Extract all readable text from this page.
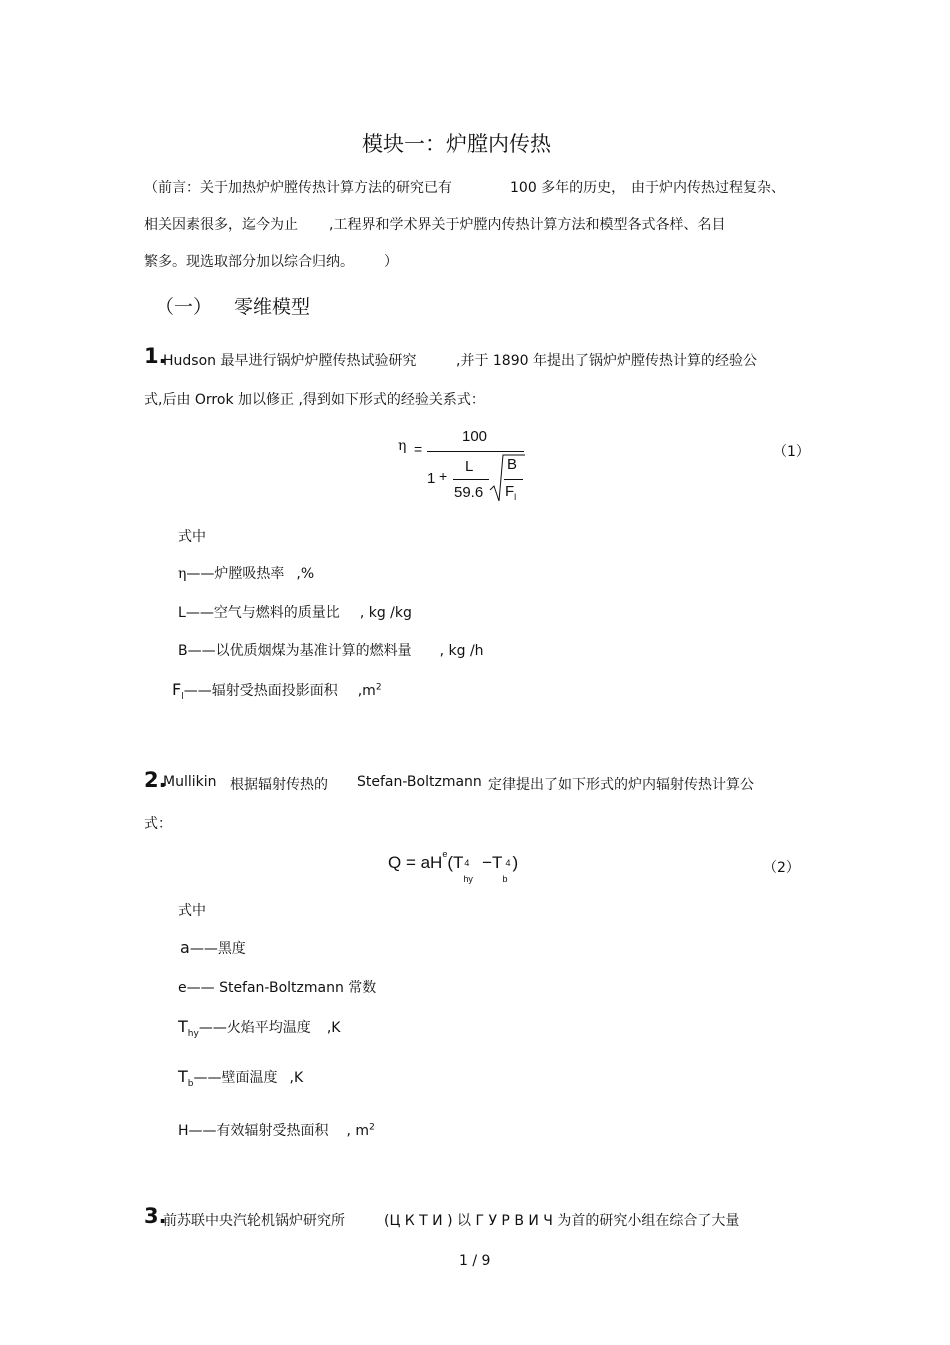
模块一：炉膛内传热
（前言：关于加热炉炉膛传热计算方法的研究已有	100 多年的历史， 由于炉内传热过程复杂、
相关因素很多，迄今为止 ,工程界和学术界关于炉膛内传热计算方法和模型各式各样、名目
繁多。现选取部分加以综合归纳。 ）
（一） 零维模型
1.
Hudson 最早进行锅炉炉膛传热试验研究	,并于 1890 年提出了锅炉炉膛传热计算的经验公
式,后由 Orrok 加以修正 ,得到如下形式的经验关系式：
η =
100
1 +
L
59.6
B
$F_l$
（1）
式中
η——炉膛吸热率 ,%
L——空气与燃料的质量比 , kg /kg
B——以优质烟煤为基准计算的燃料量 , kg /h
$F_l——$辐射受热面投影面积 $,m^2$
2.
Mullikin 根据辐射传热的 Stefan-Boltzmann 定律提出了如下形式的炉内辐射传热计算公
式：
$Q = aH^e(T$ 4
hy
−T 4
b
)	（2）
式中
a——黑度
e—— Stefan-Boltzmann 常数
$T_{hy}——$火焰平均温度 ,K
$T_b——$壁面温度 ,K
H——有效辐射受热面积 , $m^2$
3.
前苏联中央汽轮机锅炉研究所	(Ц К Т И ) 以 Г У Р В И Ч 为首的研究小组在综合了大量
1 / 9
